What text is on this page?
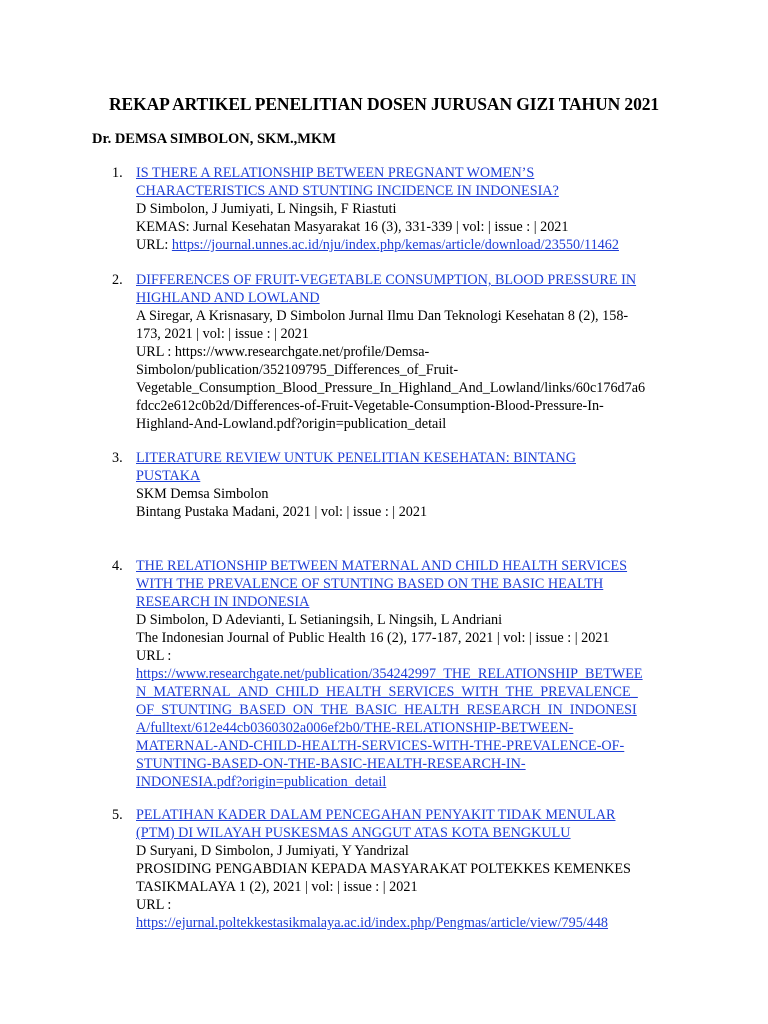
REKAP ARTIKEL PENELITIAN DOSEN JURUSAN GIZI TAHUN 2021
Dr. DEMSA SIMBOLON, SKM.,MKM
1. IS THERE A RELATIONSHIP BETWEEN PREGNANT WOMEN’S
CHARACTERISTICS AND STUNTING INCIDENCE IN INDONESIA?
D Simbolon, J Jumiyati, L Ningsih, F Riastuti
KEMAS: Jurnal Kesehatan Masyarakat 16 (3), 331-339 | vol: | issue : | 2021
URL: https://journal.unnes.ac.id/nju/index.php/kemas/article/download/23550/11462
2. DIFFERENCES OF FRUIT-VEGETABLE CONSUMPTION, BLOOD PRESSURE IN
HIGHLAND AND LOWLAND
A Siregar, A Krisnasary, D Simbolon Jurnal Ilmu Dan Teknologi Kesehatan 8 (2), 158-
173, 2021 | vol: | issue : | 2021
URL : https://www.researchgate.net/profile/Demsa-
Simbolon/publication/352109795_Differences_of_Fruit-
Vegetable_Consumption_Blood_Pressure_In_Highland_And_Lowland/links/60c176d7a6
fdcc2e612c0b2d/Differences-of-Fruit-Vegetable-Consumption-Blood-Pressure-In-
Highland-And-Lowland.pdf?origin=publication_detail
3. LITERATURE REVIEW UNTUK PENELITIAN KESEHATAN: BINTANG
PUSTAKA
SKM Demsa Simbolon
Bintang Pustaka Madani, 2021 | vol: | issue : | 2021
4. THE RELATIONSHIP BETWEEN MATERNAL AND CHILD HEALTH SERVICES
WITH THE PREVALENCE OF STUNTING BASED ON THE BASIC HEALTH
RESEARCH IN INDONESIA
D Simbolon, D Adevianti, L Setianingsih, L Ningsih, L Andriani
The Indonesian Journal of Public Health 16 (2), 177-187, 2021 | vol: | issue : | 2021
URL :
https://www.researchgate.net/publication/354242997_THE_RELATIONSHIP_BETWEE
N_MATERNAL_AND_CHILD_HEALTH_SERVICES_WITH_THE_PREVALENCE_
OF_STUNTING_BASED_ON_THE_BASIC_HEALTH_RESEARCH_IN_INDONESI
A/fulltext/612e44cb0360302a006ef2b0/THE-RELATIONSHIP-BETWEEN-
MATERNAL-AND-CHILD-HEALTH-SERVICES-WITH-THE-PREVALENCE-OF-
STUNTING-BASED-ON-THE-BASIC-HEALTH-RESEARCH-IN-
INDONESIA.pdf?origin=publication_detail
5. PELATIHAN KADER DALAM PENCEGAHAN PENYAKIT TIDAK MENULAR
(PTM) DI WILAYAH PUSKESMAS ANGGUT ATAS KOTA BENGKULU
D Suryani, D Simbolon, J Jumiyati, Y Yandrizal
PROSIDING PENGABDIAN KEPADA MASYARAKAT POLTEKKES KEMENKES
TASIKMALAYA 1 (2), 2021 | vol: | issue : | 2021
URL :
https://ejurnal.poltekkestasikmalaya.ac.id/index.php/Pengmas/article/view/795/448
